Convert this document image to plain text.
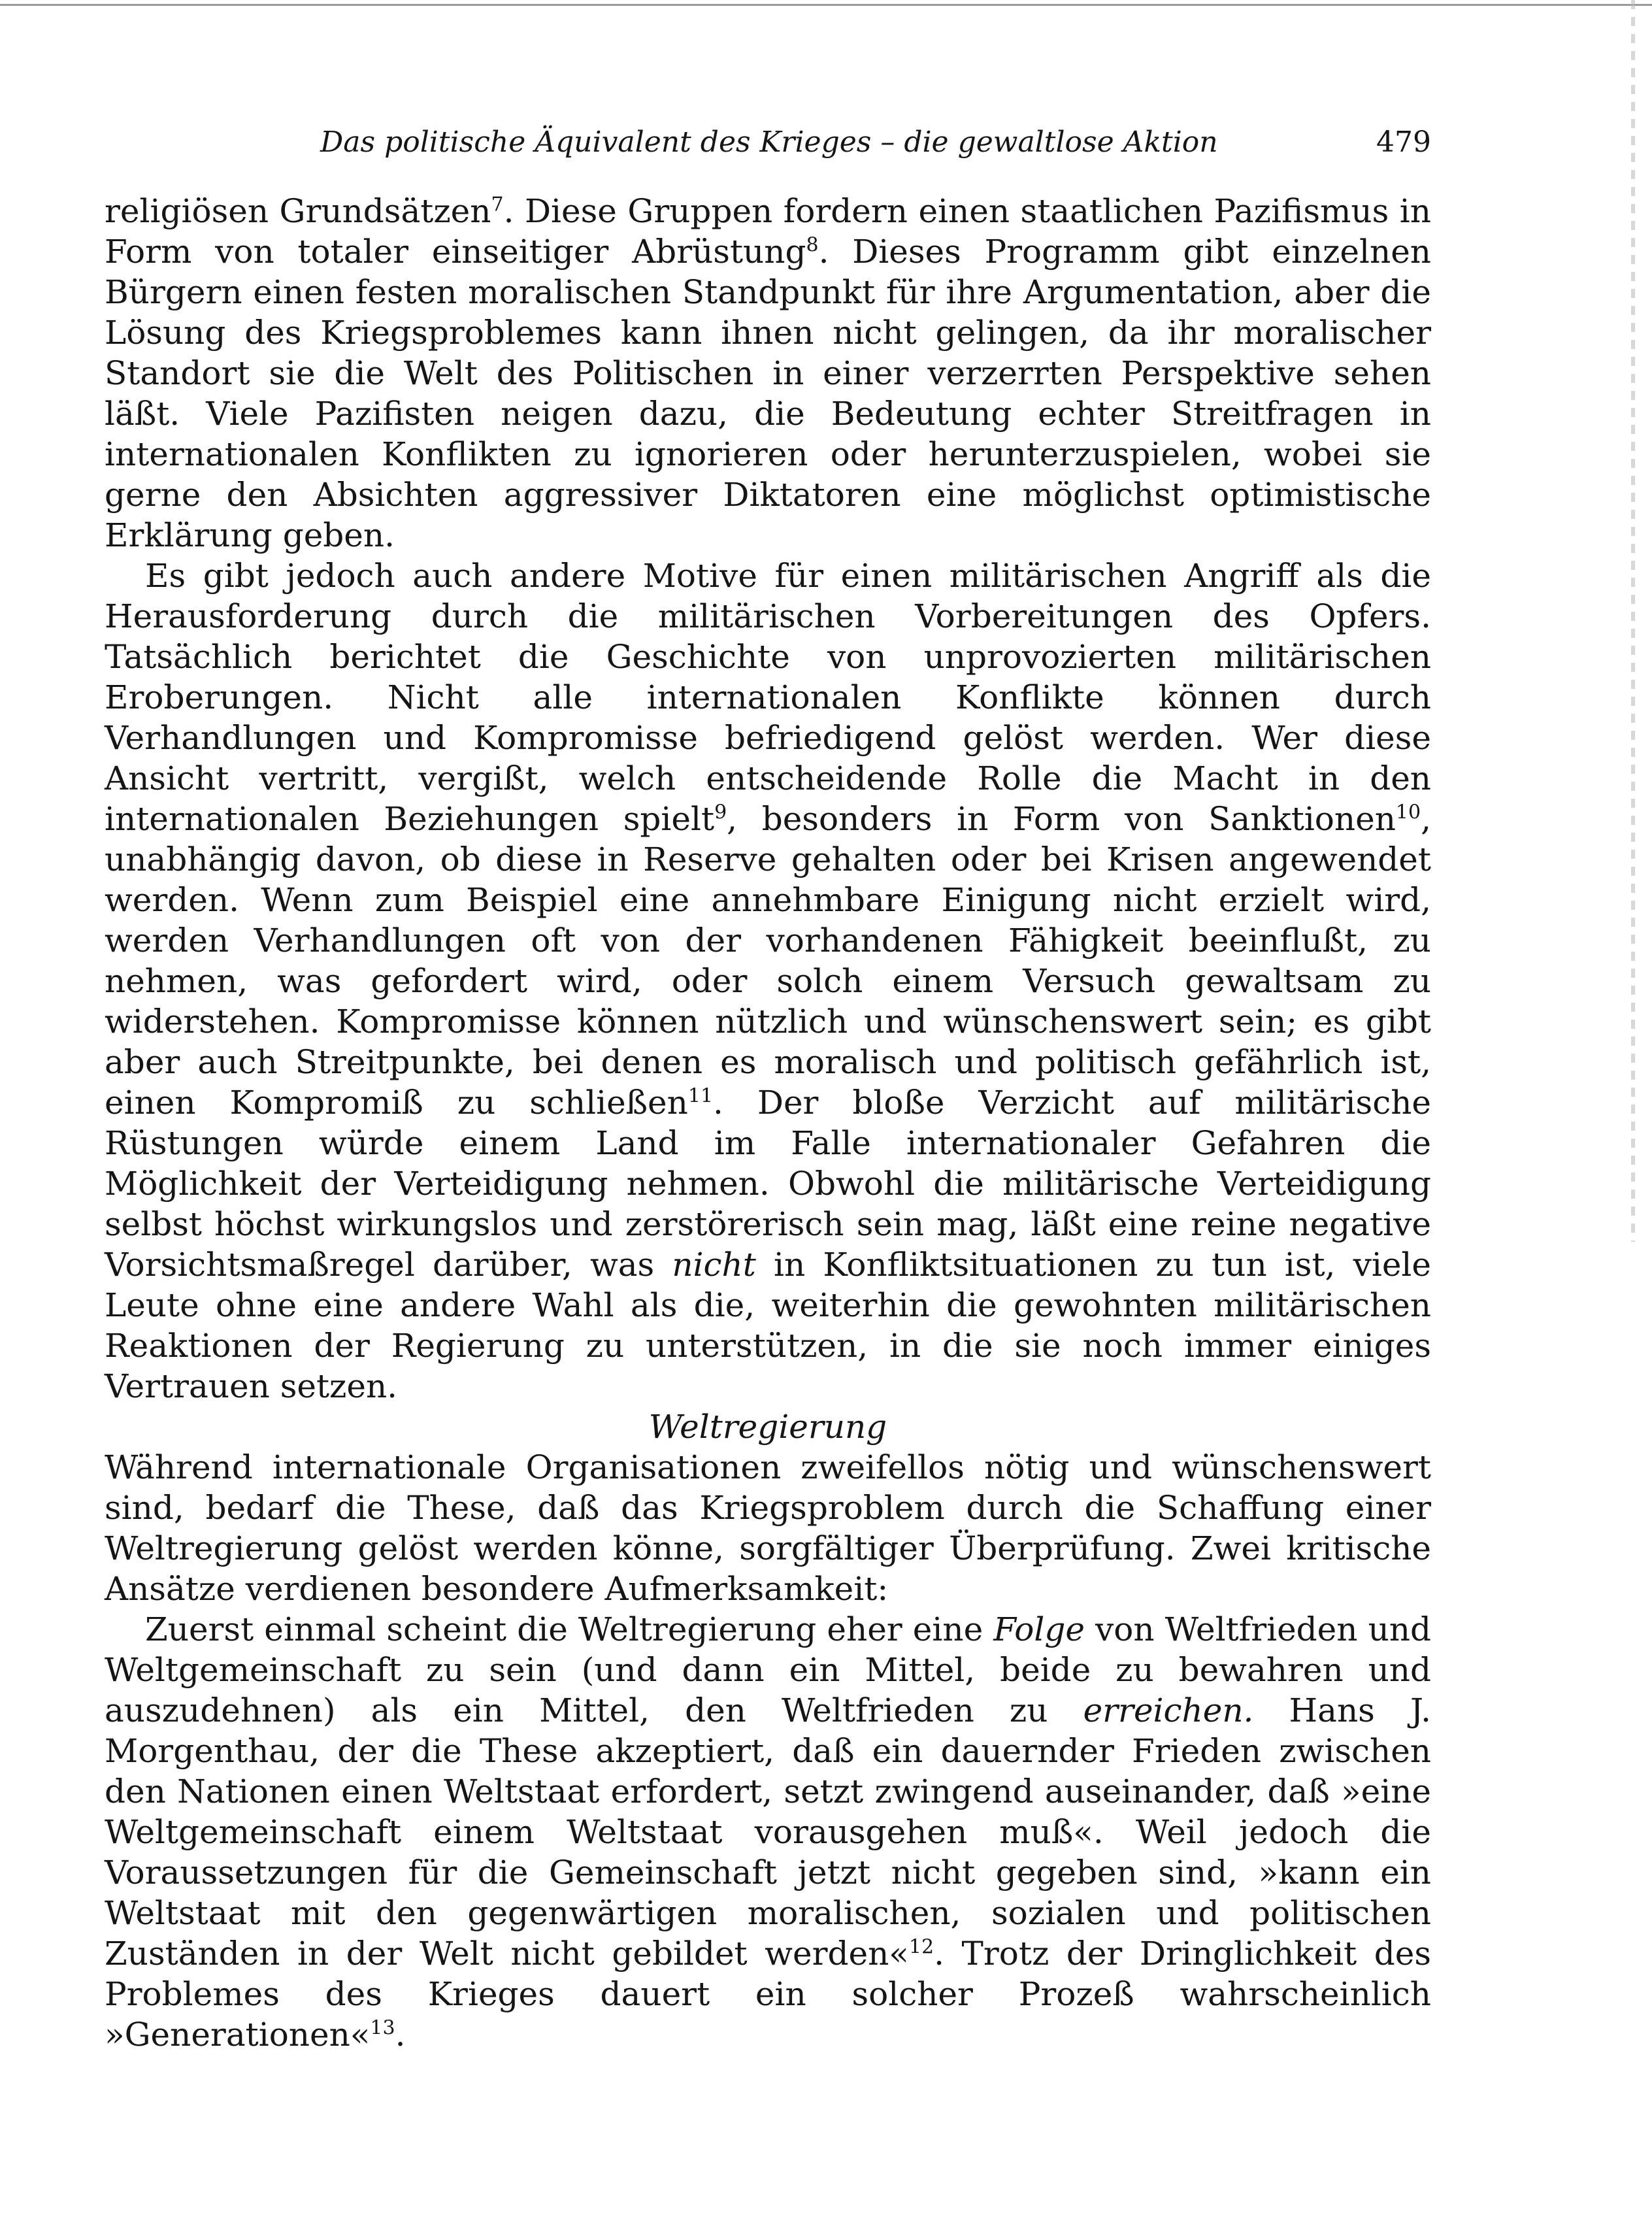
Das politische Äquivalent des Krieges – die gewaltlose Aktion	479

religiösen Grundsätzen$^7$. Diese Gruppen fordern einen staatlichen Pazifismus in Form von totaler einseitiger Abrüstung$^8$. Dieses Programm gibt einzelnen Bürgern einen festen moralischen Standpunkt für ihre Argumentation, aber die Lösung des Kriegsproblemes kann ihnen nicht gelingen, da ihr moralischer Standort sie die Welt des Politischen in einer verzerrten Perspektive sehen läßt. Viele Pazifisten neigen dazu, die Bedeutung echter Streitfragen in internationalen Konflikten zu ignorieren oder herunterzuspielen, wobei sie gerne den Absichten aggressiver Diktatoren eine möglichst optimistische Erklärung geben.

Es gibt jedoch auch andere Motive für einen militärischen Angriff als die Herausforderung durch die militärischen Vorbereitungen des Opfers. Tatsächlich berichtet die Geschichte von unprovozierten militärischen Eroberungen. Nicht alle internationalen Konflikte können durch Verhandlungen und Kompromisse befriedigend gelöst werden. Wer diese Ansicht vertritt, vergißt, welch entscheidende Rolle die Macht in den internationalen Beziehungen spielt$^9$, besonders in Form von Sanktionen$^{10}$, unabhängig davon, ob diese in Reserve gehalten oder bei Krisen angewendet werden. Wenn zum Beispiel eine annehmbare Einigung nicht erzielt wird, werden Verhandlungen oft von der vorhandenen Fähigkeit beeinflußt, zu nehmen, was gefordert wird, oder solch einem Versuch gewaltsam zu widerstehen. Kompromisse können nützlich und wünschenswert sein; es gibt aber auch Streitpunkte, bei denen es moralisch und politisch gefährlich ist, einen Kompromiß zu schließen$^{11}$. Der bloße Verzicht auf militärische Rüstungen würde einem Land im Falle internationaler Gefahren die Möglichkeit der Verteidigung nehmen. Obwohl die militärische Verteidigung selbst höchst wirkungslos und zerstörerisch sein mag, läßt eine reine negative Vorsichtsmaßregel darüber, was nicht in Konfliktsituationen zu tun ist, viele Leute ohne eine andere Wahl als die, weiterhin die gewohnten militärischen Reaktionen der Regierung zu unterstützen, in die sie noch immer einiges Vertrauen setzen.

Weltregierung

Während internationale Organisationen zweifellos nötig und wünschenswert sind, bedarf die These, daß das Kriegsproblem durch die Schaffung einer Weltregierung gelöst werden könne, sorgfältiger Überprüfung. Zwei kritische Ansätze verdienen besondere Aufmerksamkeit:

Zuerst einmal scheint die Weltregierung eher eine Folge von Weltfrieden und Weltgemeinschaft zu sein (und dann ein Mittel, beide zu bewahren und auszudehnen) als ein Mittel, den Weltfrieden zu erreichen. Hans J. Morgenthau, der die These akzeptiert, daß ein dauernder Frieden zwischen den Nationen einen Weltstaat erfordert, setzt zwingend auseinander, daß »eine Weltgemeinschaft einem Weltstaat vorausgehen muß«. Weil jedoch die Voraussetzungen für die Gemeinschaft jetzt nicht gegeben sind, »kann ein Weltstaat mit den gegenwärtigen moralischen, sozialen und politischen Zuständen in der Welt nicht gebildet werden«$^{12}$. Trotz der Dringlichkeit des Problemes des Krieges dauert ein solcher Prozeß wahrscheinlich »Generationen«$^{13}$.
